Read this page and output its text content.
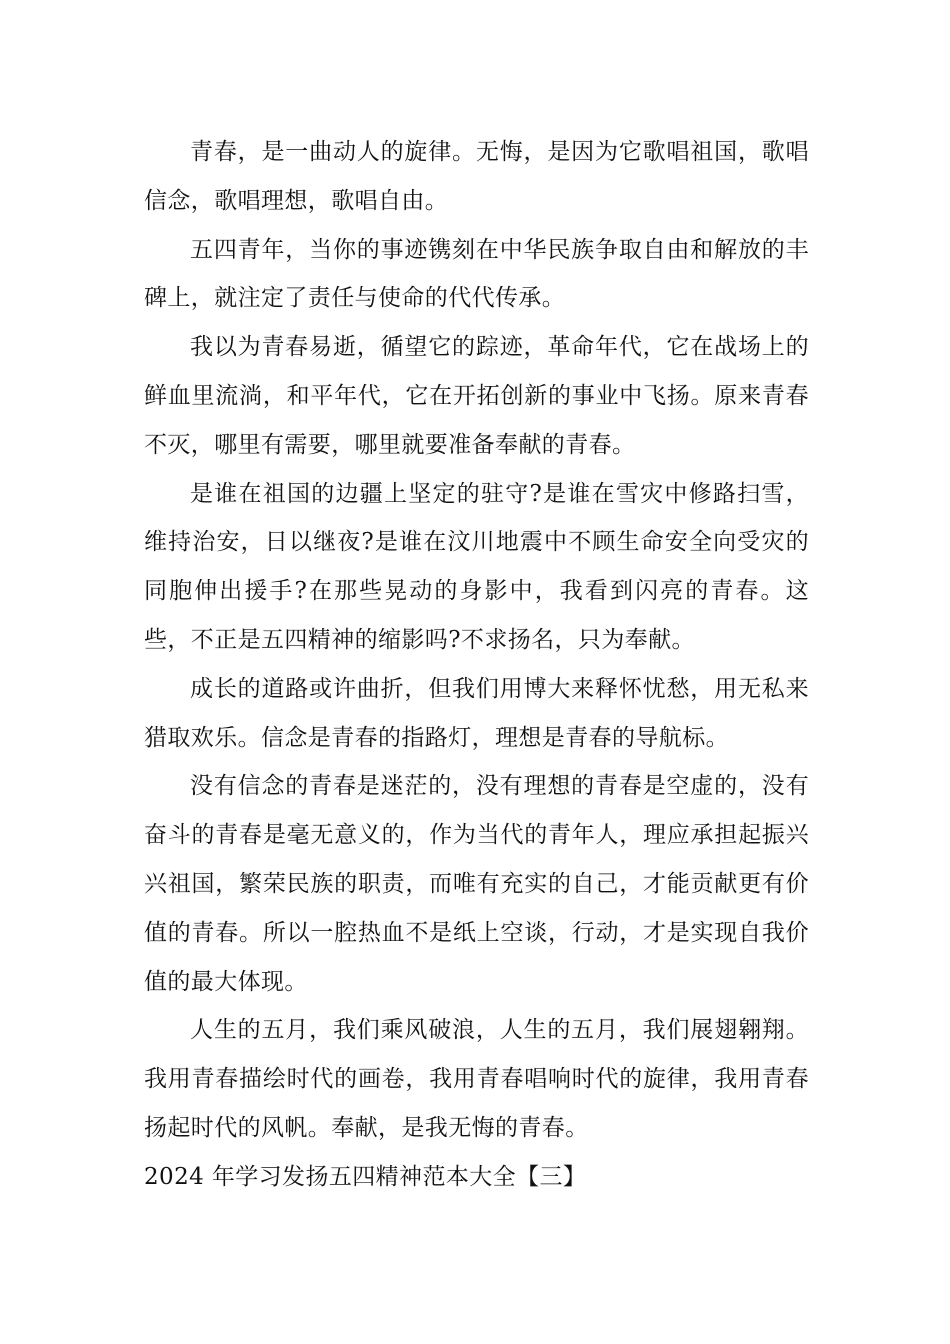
青春，是一曲动人的旋律。无悔，是因为它歌唱祖国，歌唱信念，歌唱理想，歌唱自由。

五四青年，当你的事迹镌刻在中华民族争取自由和解放的丰碑上，就注定了责任与使命的代代传承。

我以为青春易逝，循望它的踪迹，革命年代，它在战场上的鲜血里流淌，和平年代，它在开拓创新的事业中飞扬。原来青春不灭，哪里有需要，哪里就要准备奉献的青春。

是谁在祖国的边疆上坚定的驻守?是谁在雪灾中修路扫雪，维持治安，日以继夜?是谁在汶川地震中不顾生命安全向受灾的同胞伸出援手?在那些晃动的身影中，我看到闪亮的青春。这些，不正是五四精神的缩影吗?不求扬名，只为奉献。

成长的道路或许曲折，但我们用博大来释怀忧愁，用无私来猎取欢乐。信念是青春的指路灯，理想是青春的导航标。

没有信念的青春是迷茫的，没有理想的青春是空虚的，没有奋斗的青春是毫无意义的，作为当代的青年人，理应承担起振兴兴祖国，繁荣民族的职责，而唯有充实的自己，才能贡献更有价值的青春。所以一腔热血不是纸上空谈，行动，才是实现自我价值的最大体现。

人生的五月，我们乘风破浪，人生的五月，我们展翅翱翔。我用青春描绘时代的画卷，我用青春唱响时代的旋律，我用青春扬起时代的风帆。奉献，是我无悔的青春。

2024 年学习发扬五四精神范本大全【三】
